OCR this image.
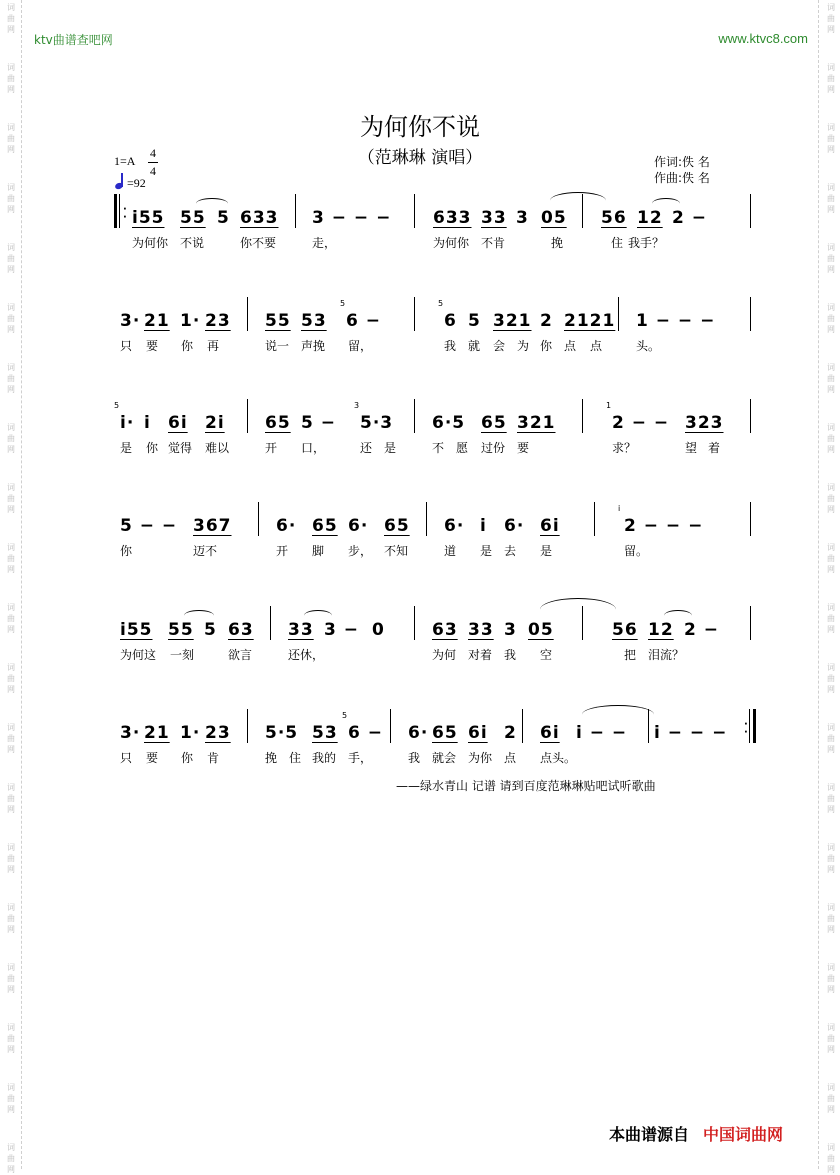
词
曲
网
词
曲
网
词
曲
网
词
曲
网
词
曲
网
词
曲
网
词
曲
网
词
曲
网
词
曲
网
词
曲
网
词
曲
网
词
曲
网
词
曲
网
词
曲
网
词
曲
网
词
曲
网
词
曲
网
词
曲
网
词
曲
网
词
曲
网
词
曲
网
词
曲
网
词
曲
网
词
曲
网
词
曲
网
词
曲
网
词
曲
网
词
曲
网
词
曲
网
词
曲
网
词
曲
网
词
曲
网
词
曲
网
词
曲
网
词
曲
网
词
曲
网
词
曲
网
词
曲
网
词
曲
网
词
曲
网
ktv曲谱查吧网	www.ktvc8.com
为何你不说
（范琳琳 演唱）
1=A
4
4
=92
作词:佚 名
作曲:佚 名
·
· i55 55 5 633 3 − − − 633 33 3 05 56 12 2 −
为何你 不说	你不要	走，	为何你 不肯	挽	住 我手？
3· 21 1· 23 55 53
5
6 −
5
6 5 321 2 2121 1 − − −
只 要 你 再	说一 声挽 留，	我 就 会 为 你 点 点	头。
5
i· i 6i 2i 65 5 −
3
5·3 6·5 65 321
1
2 − − 323
是 你 觉得 难以	开 口，	还 是	不 愿 过份 要	求？	望 着
5 − − 367	6· 65 6· 65 6· i 6· 6i
i
2 − − −
你	迈不	开 脚 步， 不知	道 是 去 是	留。
i55 55 5 63 33 3 − 0	63 33 3 05	56 12 2 −
为何这 一刻	欲言	还休，	为何 对着 我 空	把 泪流？
3· 21 1· 23 5·5 53
5
6 − 6· 65 6i 2 6i i − − i − − − ·
·
只 要 你 肯	挽 住 我的 手，	我 就会 为你 点 点头。
——绿水青山 记谱 请到百度范琳琳贴吧试听歌曲
本曲谱源自 中国词曲网
